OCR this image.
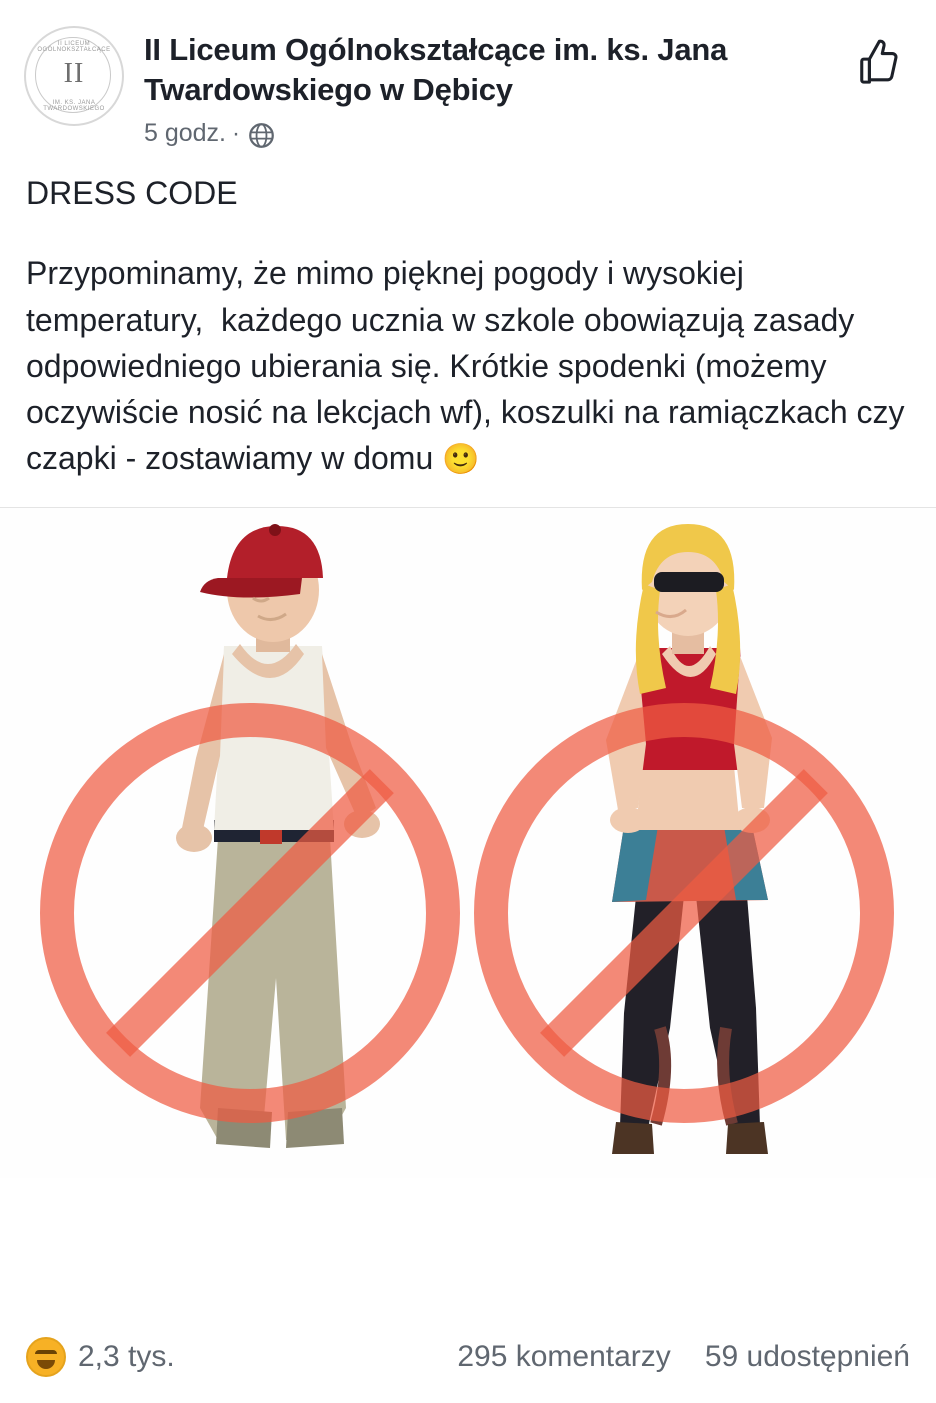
II LICEUM OGÓLNOKSZTAŁCĄCE
II
IM. KS. JANA TWARDOWSKIEGO
II Liceum Ogólnokształcące im. ks. Jana Twardowskiego w Dębicy
5 godz. ·
DRESS CODE
Przypominamy, że mimo pięknej pogody i wysokiej temperatury,  każdego ucznia w szkole obowiązują zasady odpowiedniego ubierania się. Krótkie spodenki (możemy oczywiście nosić na lekcjach wf), koszulki na ramiączkach czy czapki - zostawiamy w domu 🙂
2,3 tys.	295 komentarzy 59 udostępnień
